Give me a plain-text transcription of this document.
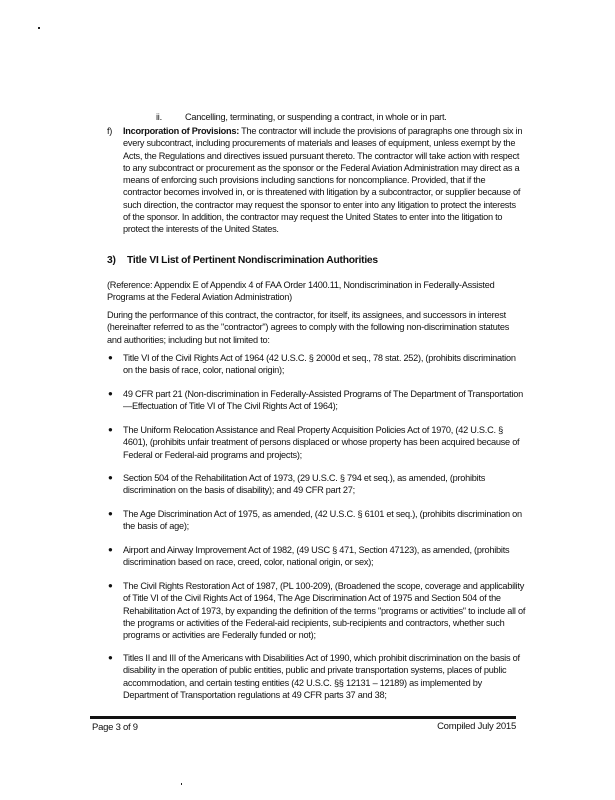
ii.	Cancelling, terminating, or suspending a contract, in whole or in part.
f) Incorporation of Provisions: The contractor will include the provisions of paragraphs one through six in every subcontract, including procurements of materials and leases of equipment, unless exempt by the Acts, the Regulations and directives issued pursuant thereto. The contractor will take action with respect to any subcontract or procurement as the sponsor or the Federal Aviation Administration may direct as a means of enforcing such provisions including sanctions for noncompliance. Provided, that if the contractor becomes involved in, or is threatened with litigation by a subcontractor, or supplier because of such direction, the contractor may request the sponsor to enter into any litigation to protect the interests of the sponsor. In addition, the contractor may request the United States to enter into the litigation to protect the interests of the United States.
3) Title VI List of Pertinent Nondiscrimination Authorities
(Reference: Appendix E of Appendix 4 of FAA Order 1400.11, Nondiscrimination in Federally-Assisted Programs at the Federal Aviation Administration)
During the performance of this contract, the contractor, for itself, its assignees, and successors in interest (hereinafter referred to as the "contractor") agrees to comply with the following non-discrimination statutes and authorities; including but not limited to:
● Title VI of the Civil Rights Act of 1964 (42 U.S.C. § 2000d et seq., 78 stat. 252), (prohibits discrimination on the basis of race, color, national origin);
● 49 CFR part 21 (Non-discrimination in Federally-Assisted Programs of The Department of Transportation—Effectuation of Title VI of The Civil Rights Act of 1964);
● The Uniform Relocation Assistance and Real Property Acquisition Policies Act of 1970, (42 U.S.C. § 4601), (prohibits unfair treatment of persons displaced or whose property has been acquired because of Federal or Federal-aid programs and projects);
● Section 504 of the Rehabilitation Act of 1973, (29 U.S.C. § 794 et seq.), as amended, (prohibits discrimination on the basis of disability); and 49 CFR part 27;
● The Age Discrimination Act of 1975, as amended, (42 U.S.C. § 6101 et seq.), (prohibits discrimination on the basis of age);
● Airport and Airway Improvement Act of 1982, (49 USC § 471, Section 47123), as amended, (prohibits discrimination based on race, creed, color, national origin, or sex);
● The Civil Rights Restoration Act of 1987, (PL 100-209), (Broadened the scope, coverage and applicability of Title VI of the Civil Rights Act of 1964, The Age Discrimination Act of 1975 and Section 504 of the Rehabilitation Act of 1973, by expanding the definition of the terms "programs or activities" to include all of the programs or activities of the Federal-aid recipients, sub-recipients and contractors, whether such programs or activities are Federally funded or not);
● Titles II and III of the Americans with Disabilities Act of 1990, which prohibit discrimination on the basis of disability in the operation of public entities, public and private transportation systems, places of public accommodation, and certain testing entities (42 U.S.C. §§ 12131 – 12189) as implemented by Department of Transportation regulations at 49 CFR parts 37 and 38;
Page 3 of 9	Compiled July 2015
